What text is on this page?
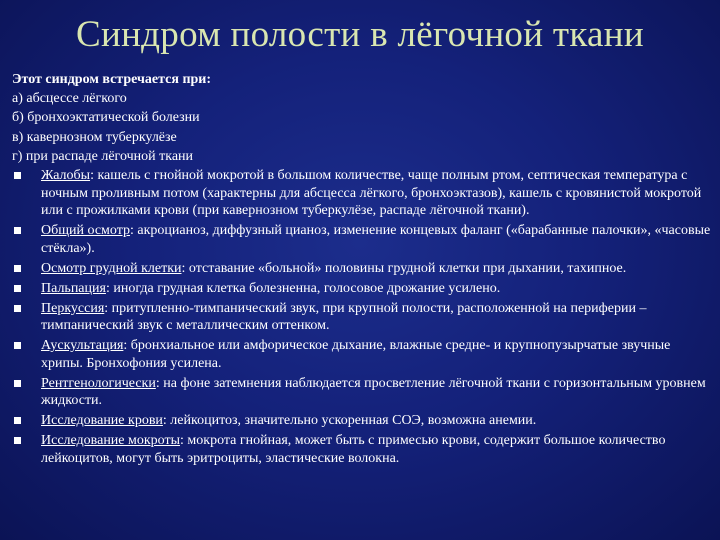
Синдром полости в лёгочной ткани

Этот синдром встречается при:

а) абсцессе лёгкого

б) бронхоэктатической болезни

в) кавернозном туберкулёзе

г) при распаде лёгочной ткани

Жалобы: кашель с гнойной мокротой в большом количестве, чаще полным ртом, септическая температура с ночным проливным потом (характерны для абсцесса лёгкого, бронхоэктазов), кашель с кровянистой мокротой или с прожилками крови (при кавернозном туберкулёзе, распаде лёгочной ткани).
Общий осмотр: акроцианоз, диффузный цианоз, изменение концевых фаланг («барабанные палочки», «часовые стёкла»).
Осмотр грудной клетки: отставание «больной» половины грудной клетки при дыхании, тахипное.
Пальпация: иногда грудная клетка болезненна, голосовое дрожание усилено.
Перкуссия: притупленно-тимпанический звук, при крупной полости, расположенной на периферии – тимпанический звук с металлическим оттенком.
Аускультация: бронхиальное или амфорическое дыхание, влажные средне- и крупнопузырчатые звучные хрипы. Бронхофония усилена.
Рентгенологически: на фоне затемнения наблюдается просветление лёгочной ткани с горизонтальным уровнем жидкости.
Исследование крови: лейкоцитоз, значительно ускоренная СОЭ, возможна анемии.
Исследование мокроты: мокрота гнойная, может быть с примесью крови, содержит большое количество лейкоцитов, могут быть эритроциты, эластические волокна.
